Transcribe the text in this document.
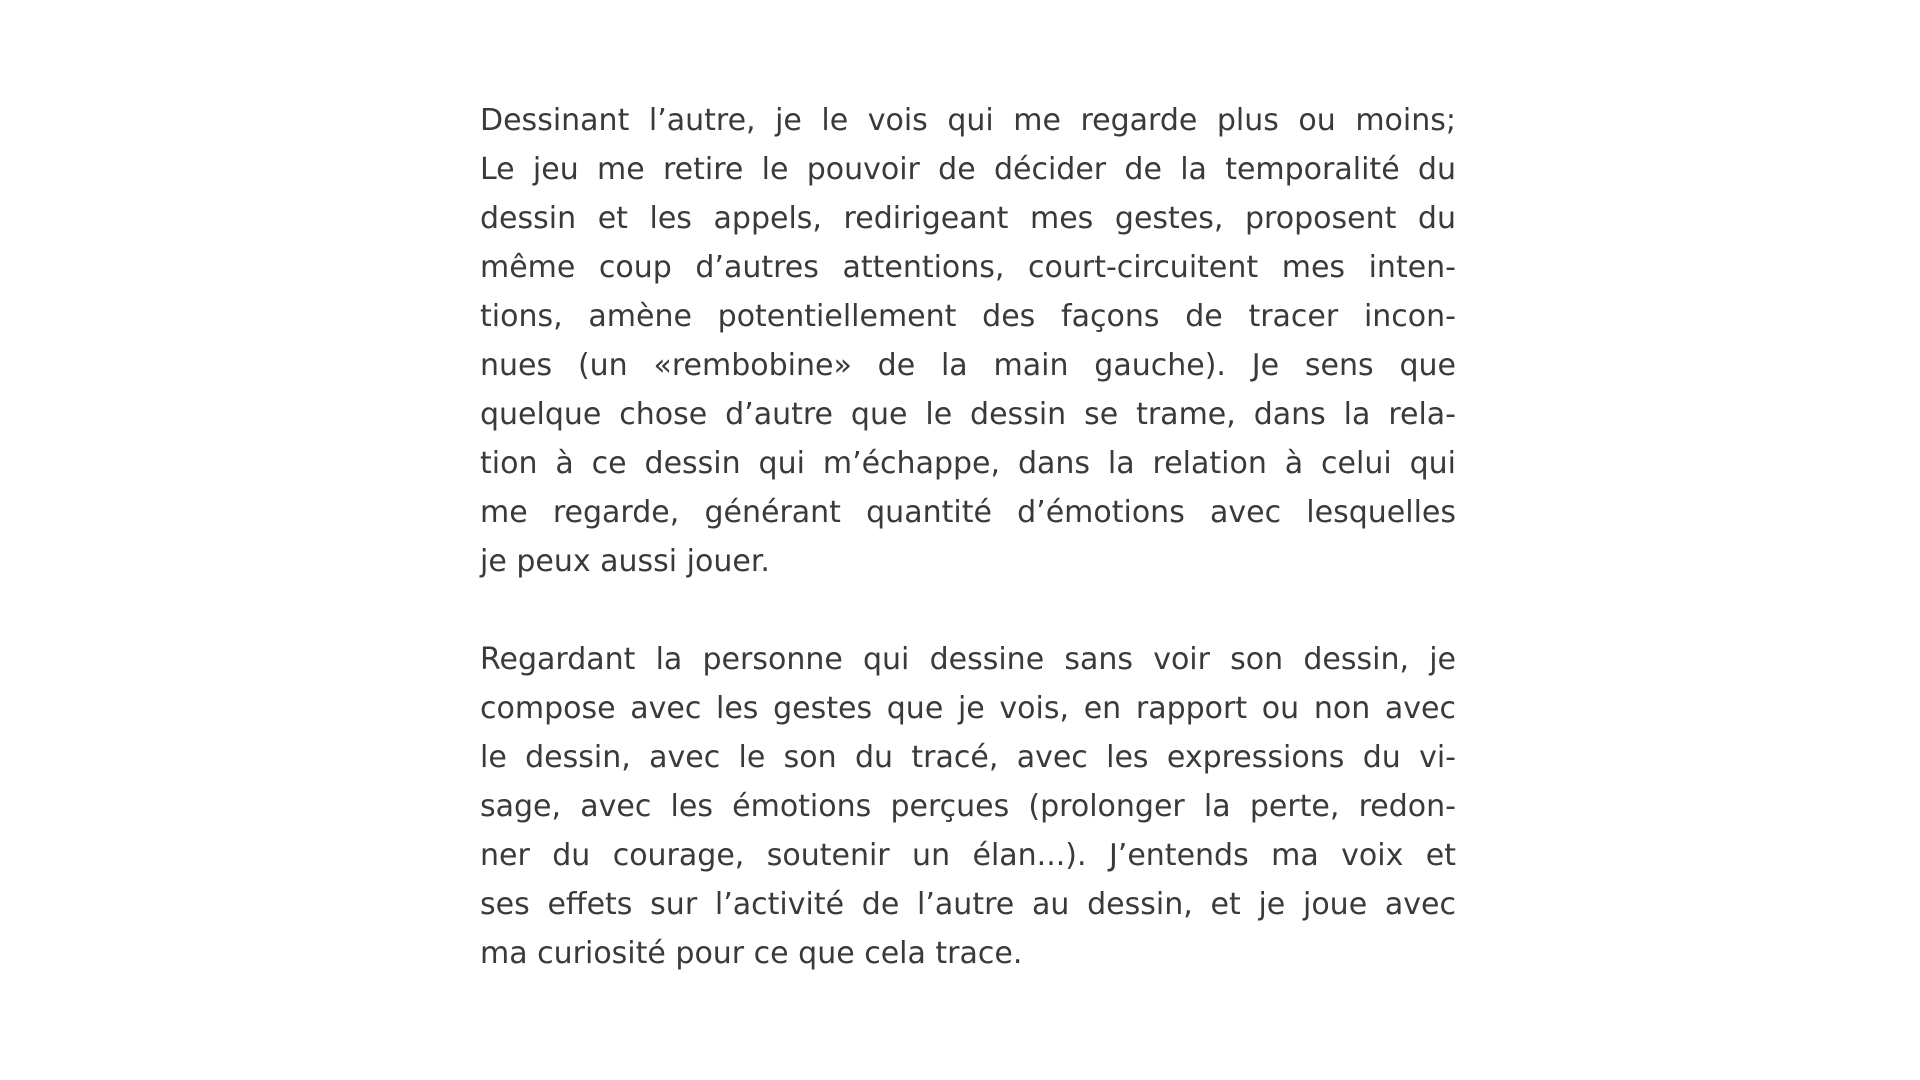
Dessinant l’autre, je le vois qui me regarde plus ou moins;
Le jeu me retire le pouvoir de décider de la temporalité du
dessin et les appels, redirigeant mes gestes, proposent du
même coup d’autres attentions, court-circuitent mes inten-
tions, amène potentiellement des façons de tracer incon-
nues (un «rembobine» de la main gauche). Je sens que
quelque chose d’autre que le dessin se trame, dans la rela-
tion à ce dessin qui m’échappe, dans la relation à celui qui
me regarde, générant quantité d’émotions avec lesquelles
je peux aussi jouer.
Regardant la personne qui dessine sans voir son dessin, je
compose avec les gestes que je vois, en rapport ou non avec
le dessin, avec le son du tracé, avec les expressions du vi-
sage, avec les émotions perçues (prolonger la perte, redon-
ner du courage, soutenir un élan...). J’entends ma voix et
ses effets sur l’activité de l’autre au dessin, et je joue avec
ma curiosité pour ce que cela trace.
